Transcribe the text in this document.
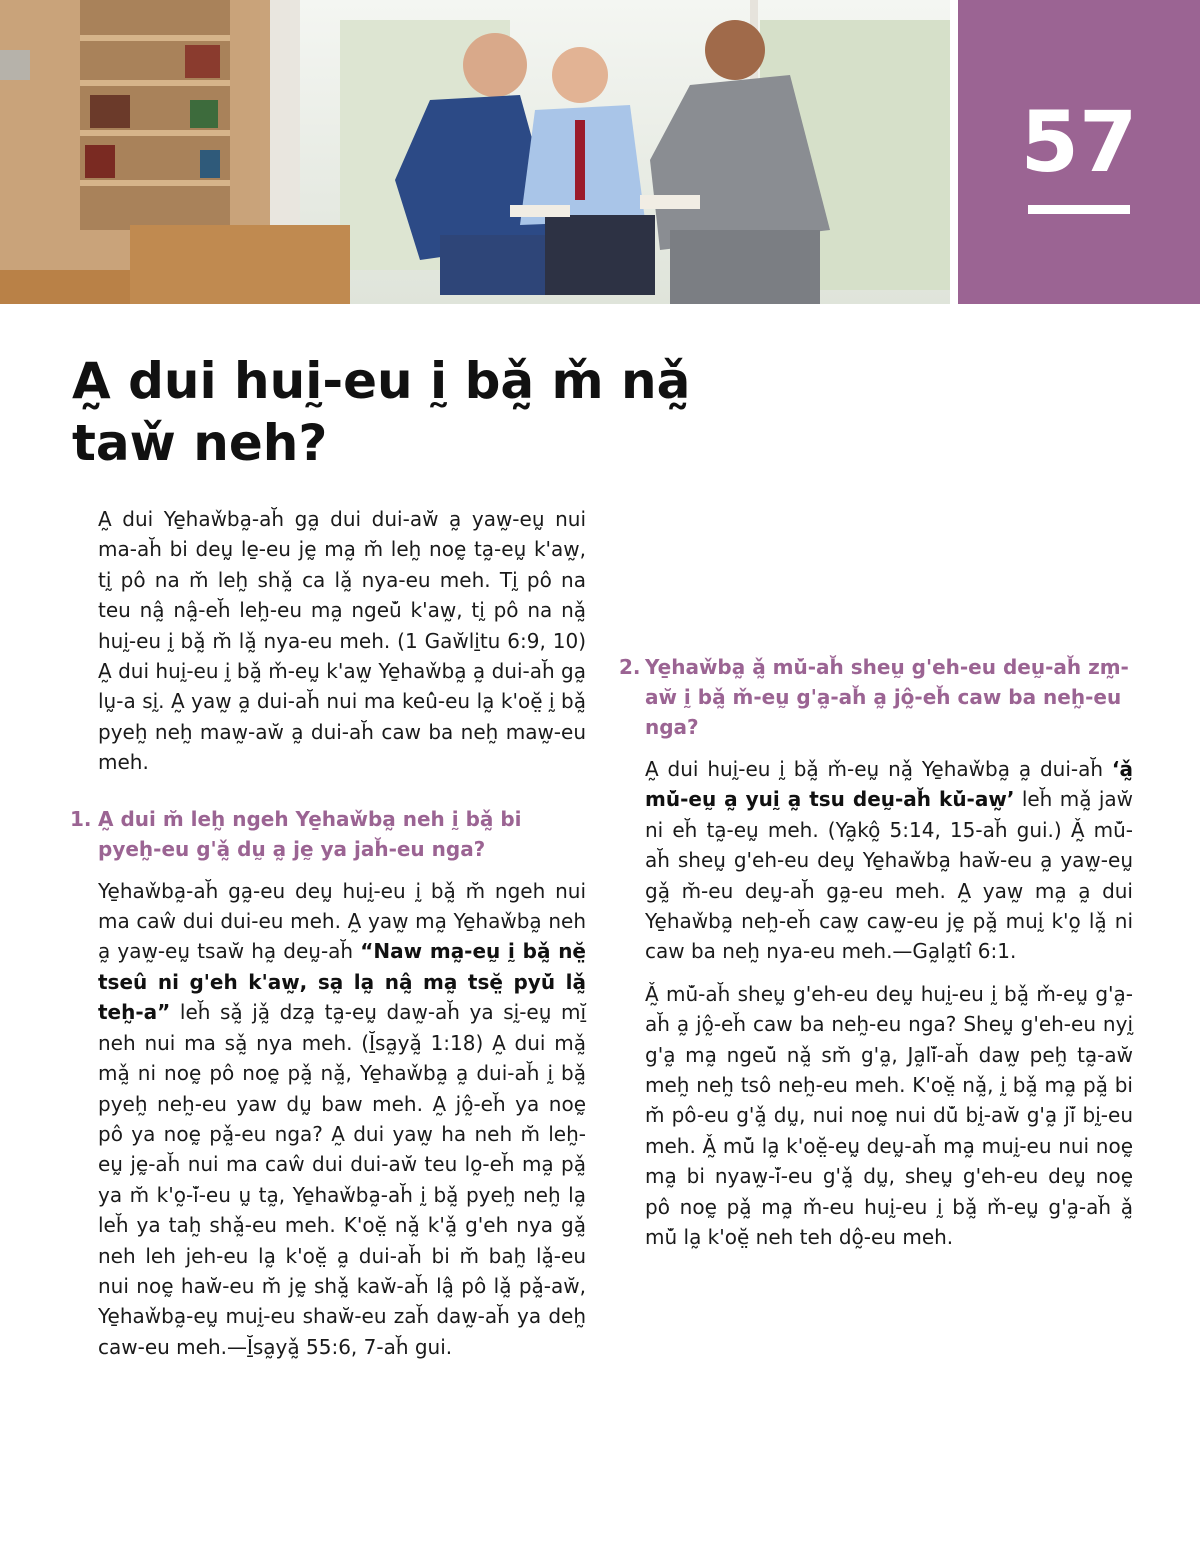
57
A̰ dui huḭ-eu ḭ bǎ̰ m̌ nǎ̰ taw̌ neh?

A̰ dui Ye̱haw̌ba̰-ah̆ ga̰ dui dui-aw̆ a̰ yaw̰-eṵ nui ma-ah̆ bi deṵ le̱-eu jḛ ma̰ m̆ leh̰ noḛ ta̰-eṵ k'aw̰, tḭ pô na m̆ leh̰ shǎ̰ ca lǎ̰ nya-eu meh. Tḭ pô na teu nâ̰ nâ̰-eh̆ leh̰-eu ma̰ ngeu̇̆ k'aw̰, tḭ pô na nǎ̰ huḭ-eu ḭ bǎ̰ m̆ lǎ̰ nya-eu meh. (1 Gaw̆li̱tu 6:9, 10) A̰ dui huḭ-eu ḭ bǎ̰ m̌-eṵ k'aw̰ Ye̱haw̌ba̰ a̰ dui-ah̆ ga̰ lṵ-a sḭ. A̰ yaw̰ a̰ dui-ah̆ nui ma keu̇̂-eu la̰ k'oĕ̤ ḭ bǎ̰ pyeh̰ neh̰ maw̰-aw̆ a̰ dui-ah̆ caw ba neh̰ maw̰-eu meh.

1. A̰ dui m̆ leh̰ ngeh Ye̱haw̌ba̰ neh ḭ bǎ̰ bi pyeh̰-eu g'ǎ̰ dṵ a̰ jḛ ya jah̆-eu nga?

Ye̱haw̌ba̰-ah̆ ga̰-eu deṵ huḭ-eu ḭ bǎ̰ m̆ ngeh nui ma caŵ dui dui-eu meh. A̰ yaw̰ ma̰ Ye̱haw̌ba̰ neh a̰ yaw̰-eṵ tsaw̆ ha̰ deṵ-ah̆ “Naw ma̰-eṵ ḭ bǎ̰ nĕ̤ tseû ni g'eh k'aw̰, sa̰ la̰ nâ̰ ma̰ tsĕ̤ pyu̇̆ lǎ̰ teh̰-a” leh̆ sǎ̰ jǎ̰ dza̰ ta̰-eṵ daw̰-ah̆ ya sḭ-eṵ mĭ̱ neh nui ma sǎ̰ nya meh. (Ĭ̱sa̰yǎ̰ 1:18) A̰ dui mǎ̰ mǎ̰ ni noḛ pô noḛ pǎ̰ nǎ̰, Ye̱haw̌ba̰ a̰ dui-ah̆ ḭ bǎ̰ pyeh̰ neh̰-eu yaw dṵ baw meh. A̰ jô̰-eh̆ ya noḛ pô ya noḛ pǎ̰-eu nga? A̰ dui yaw̰ ha neh m̆ leh̰-eṵ jḛ-ah̆ nui ma caŵ dui dui-aw̆ teu lo̰-eh̆ ma̰ pǎ̰ ya m̆ k'o̰-i̇̆-eu ṵ ta̰, Ye̱haw̌ba̰-ah̆ ḭ bǎ̰ pyeh̰ neh̰ la̰ leh̆ ya tah̰ shǎ̰-eu meh. K'oĕ̤ nǎ̰ k'ǎ̰ g'eh nya gǎ̰ neh leh jeh-eu la̰ k'oĕ̤ a̰ dui-ah̆ bi m̆ bah̰ lǎ̰-eu nui noḛ haw̆-eu m̆ jḛ shǎ̰ kaw̆-ah̆ lâ̰ pô lǎ̰ pǎ̰-aw̆, Ye̱haw̌ba̰-eṵ muḭ-eu shaw̆-eu zah̆ daw̰-ah̆ ya deh̰ caw-eu meh.—Ĭ̱sa̰yǎ̰ 55:6, 7-ah̆ gui.

2. Ye̱haw̌ba̰ ǎ̰ mu̇̆-ah̆ sheṵ g'eh-eu deṵ-ah̆ zm̰-aw̆ ḭ bǎ̰ m̌-eṵ g'a̰-ah̆ a̰ jô̰-eh̆ caw ba neh̰-eu nga?

A̰ dui huḭ-eu ḭ bǎ̰ m̌-eṵ nǎ̰ Ye̱haw̌ba̰ a̰ dui-ah̆ ‘ǎ̰ mu̇̆-eṵ a̰ yuḭ a̰ tsu deṵ-ah̆ ku̇̆-aw̰’ leh̆ mǎ̰ jaw̆ ni eh̆ ta̰-eṵ meh. (Ya̰kô̰ 5:14, 15-ah̆ gui.) Ǎ̰ mu̇̆-ah̆ sheṵ g'eh-eu deṵ Ye̱haw̌ba̰ haw̆-eu a̰ yaw̰-eṵ gǎ̰ m̆-eu deṵ-ah̆ ga̰-eu meh. A̰ yaw̰ ma̰ a̰ dui Ye̱haw̌ba̰ neh̰-eh̆ caw̰ caw̰-eu jḛ pǎ̰ muḭ k'o̰ lǎ̰ ni caw ba neh̰ nya-eu meh.—Ga̰la̰ti̇̂ 6:1.

Ǎ̰ mu̇̆-ah̆ sheṵ g'eh-eu deṵ huḭ-eu ḭ bǎ̰ m̌-eṵ g'a̰-ah̆ a̰ jô̰-eh̆ caw ba neh̰-eu nga? Sheṵ g'eh-eu nyḭ g'a̰ ma̰ ngeu̇̆ nǎ̰ sm̆ g'a̰, Ja̰li̇̆-ah̆ daw̰ peh̰ ta̰-aw̆ meh̰ neh̰ tsô neh̰-eu meh. K'oĕ̤ nǎ̰, ḭ bǎ̰ ma̰ pǎ̰ bi m̆ pô-eu g'ǎ̰ dṵ, nui noḛ nui du̇̆ bḭ-aw̆ g'a̰ ji̇̆ bḭ-eu meh. Ǎ̰ mu̇̆ la̰ k'oĕ̤-eṵ deṵ-ah̆ ma̰ muḭ-eu nui noḛ ma̰ bi nyaw̰-i̇̆-eu g'ǎ̰ dṵ, sheṵ g'eh-eu deṵ noḛ pô noḛ pǎ̰ ma̰ m̌-eu huḭ-eu ḭ bǎ̰ m̌-eṵ g'a̰-ah̆ ǎ̰ mu̇̆ la̰ k'oĕ̤ neh teh dô̰-eu meh.
